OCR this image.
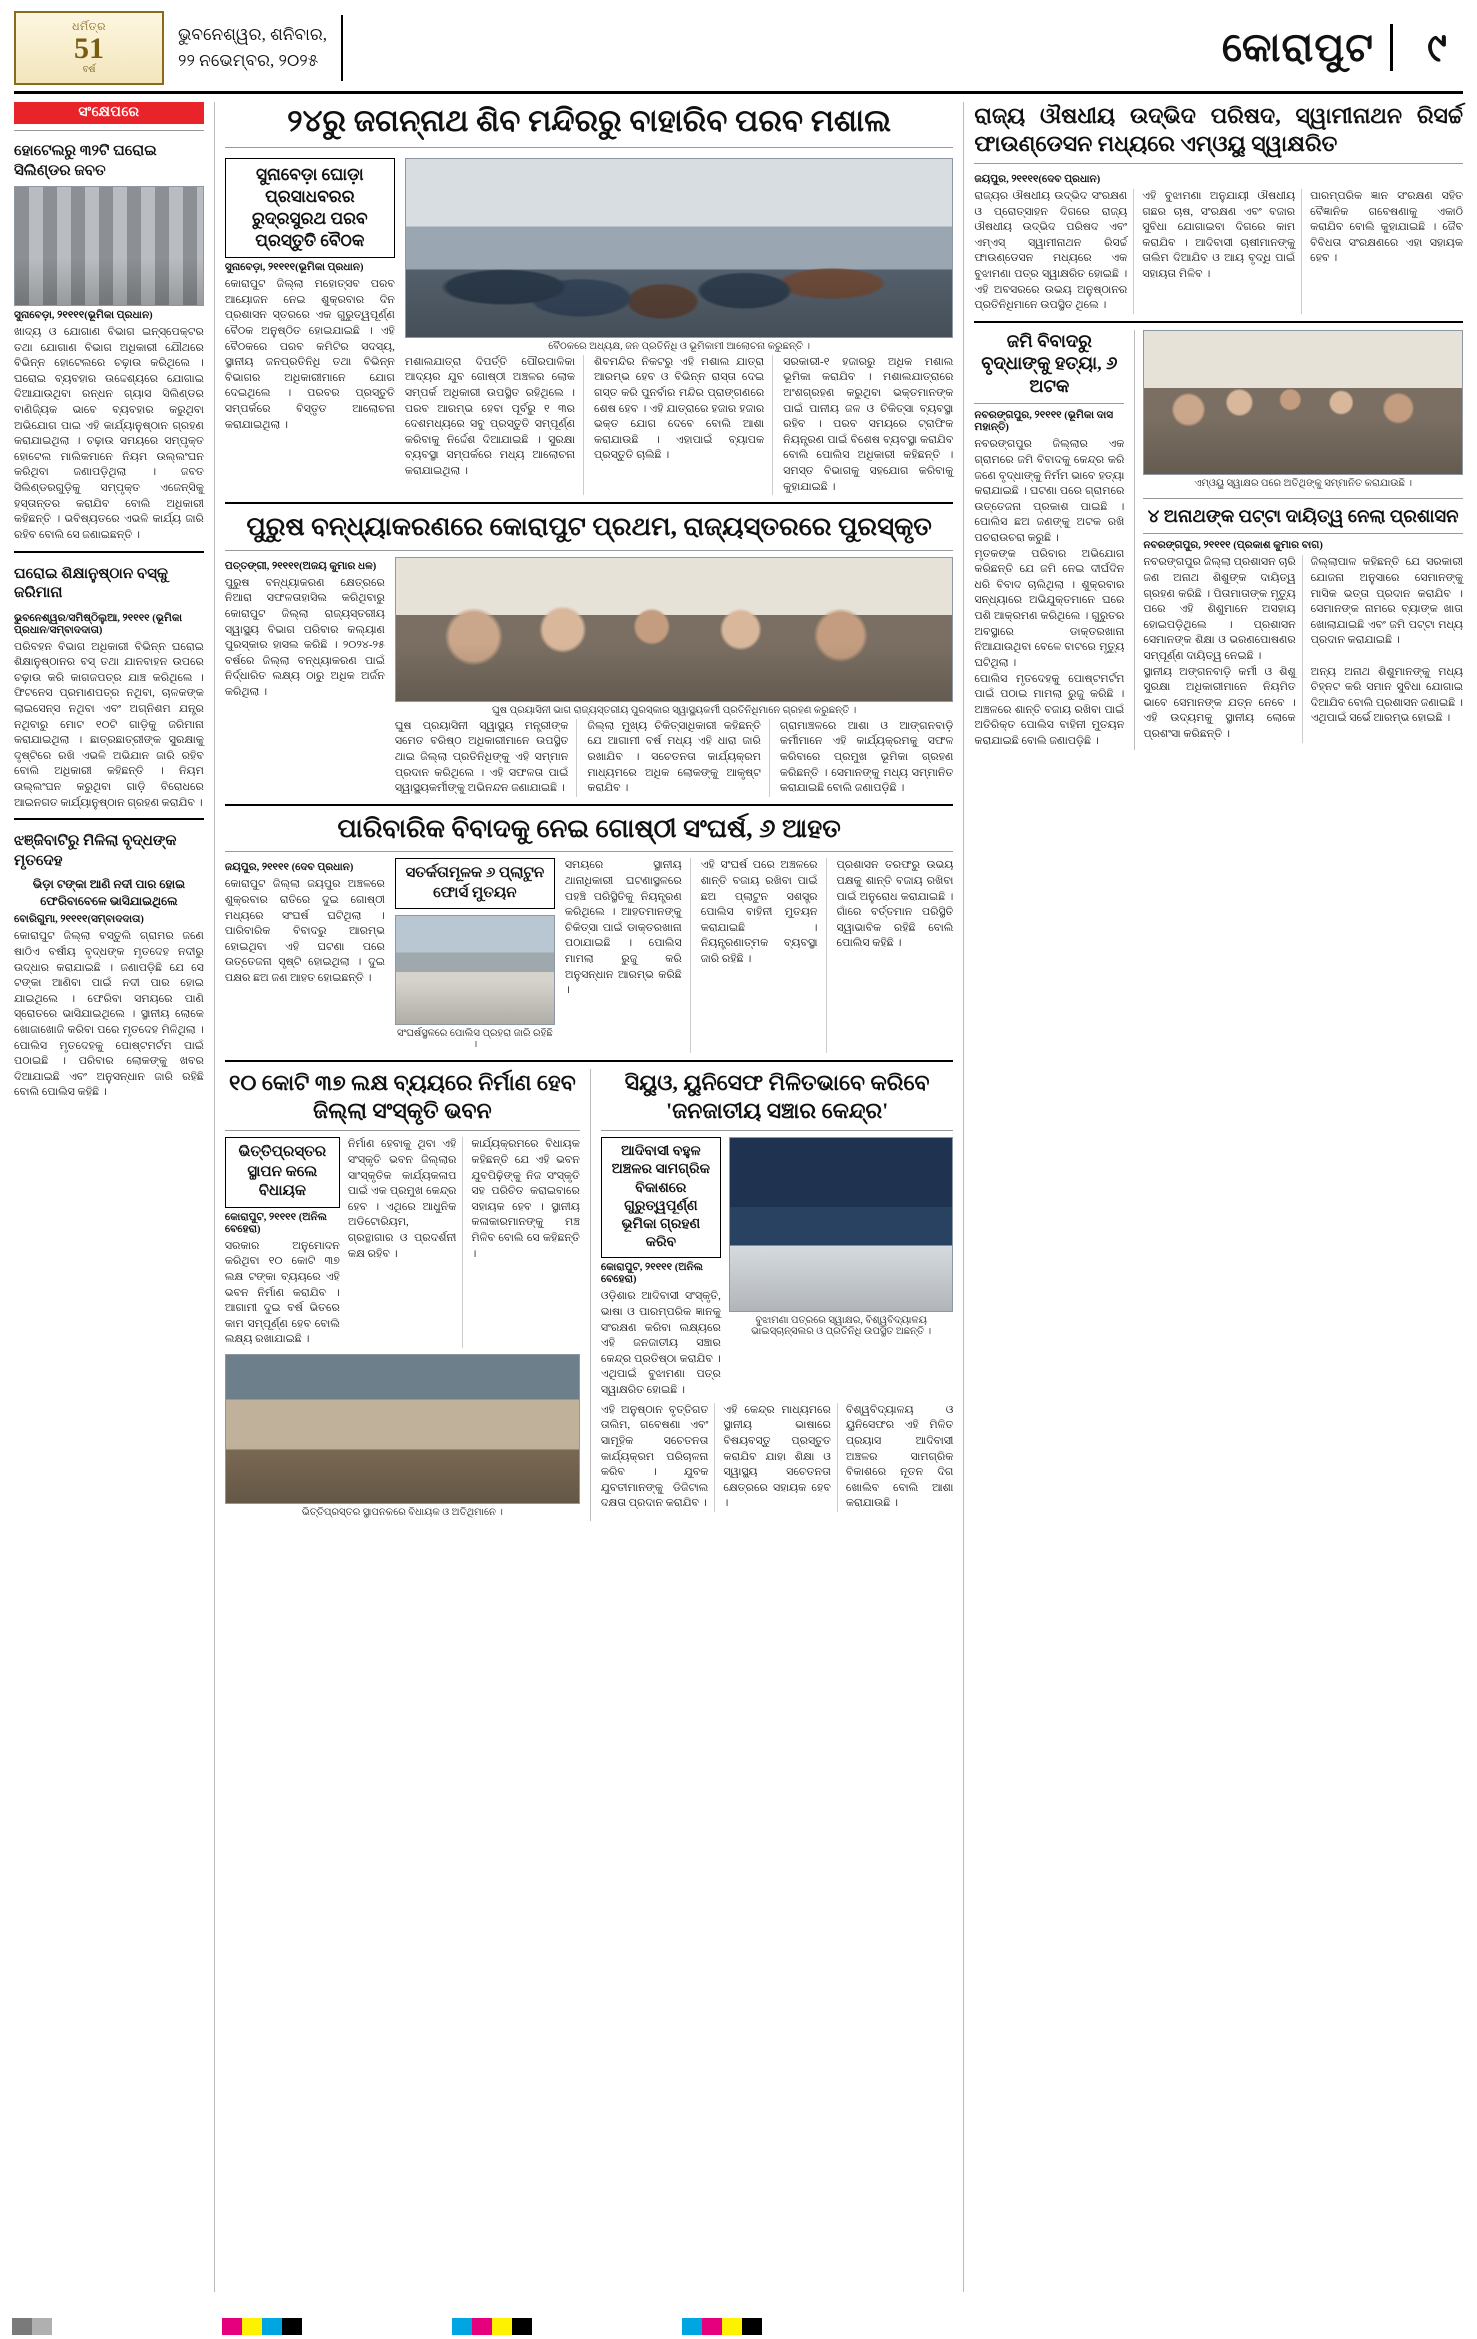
ଧର୍ମିତ୍ର
51
ବର୍ଷ
ଭୁବନେଶ୍ୱର, ଶନିବାର,
୨୨ ନଭେମ୍ବର, ୨୦୨୫	କୋରାପୁଟ	୯
ସଂକ୍ଷେପରେ
ହୋଟେଲରୁ ୩୨ଟି ଘରୋଇ ସିଲିଣ୍ଡର ଜବତ
ସୁନାବେଡ଼ା, ୨୧୧୧୧(ଭୂମିକା ପ୍ରଧାନ)
ଖାଦ୍ୟ ଓ ଯୋଗାଣ ବିଭାଗ ଇନ୍‌ସ୍ପେକ୍ଟର ତଥା ଯୋଗାଣ ବିଭାଗ ଅଧିକାରୀ ଯୌଥରେ ବିଭିନ୍ନ ହୋଟେଲରେ ଚଢ଼ାଉ କରିଥିଲେ । ଘରୋଇ ବ୍ୟବହାର ଉଦ୍ଦେଶ୍ୟରେ ଯୋଗାଇ ଦିଆଯାଉଥିବା ରନ୍ଧନ ଗ୍ୟାସ ସିଲିଣ୍ଡର ବାଣିଜ୍ୟିକ ଭାବେ ବ୍ୟବହାର କରୁଥିବା ଅଭିଯୋଗ ପାଇ ଏହି କାର୍ଯ୍ୟାନୁଷ୍ଠାନ ଗ୍ରହଣ କରାଯାଇଥିଲା । ଚଢ଼ାଉ ସମୟରେ ସମ୍ପୃକ୍ତ ହୋଟେଲ ମାଲିକମାନେ ନିୟମ ଉଲ୍ଲଂଘନ କରିଥିବା ଜଣାପଡ଼ିଥିଲା । ଜବତ ସିଲିଣ୍ଡରଗୁଡ଼ିକୁ ସମ୍ପୃକ୍ତ ଏଜେନ୍ସିକୁ ହସ୍ତାନ୍ତର କରାଯିବ ବୋଲି ଅଧିକାରୀ କହିଛନ୍ତି । ଭବିଷ୍ୟତରେ ଏଭଳି କାର୍ଯ୍ୟ ଜାରି ରହିବ ବୋଲି ସେ ଜଣାଇଛନ୍ତି ।
ଘରୋଇ ଶିକ୍ଷାନୁଷ୍ଠାନ ବସ୍‌କୁ ଜରିମାନା
ଭୁବନେଶ୍ୱର/ସମିଷ୍ଠିଲୁଆ, ୨୧୧୧୧ (ଭୂମିକା ପ୍ରଧାନ/ସମ୍ବାଦଦାତା)
ପରିବହନ ବିଭାଗ ଅଧିକାରୀ ବିଭିନ୍ନ ଘରୋଇ ଶିକ୍ଷାନୁଷ୍ଠାନର ବସ୍ ତଥା ଯାନବାହନ ଉପରେ ଚଢ଼ାଉ କରି କାଗଜପତ୍ର ଯାଞ୍ଚ କରିଥିଲେ । ଫିଟନେସ ପ୍ରମାଣପତ୍ର ନଥିବା, ଚାଳକଙ୍କ ଲାଇସେନ୍ସ ନଥିବା ଏବଂ ଅଗ୍ନିଶମ ଯନ୍ତ୍ର ନଥିବାରୁ ମୋଟ ୧୦ଟି ଗାଡ଼ିକୁ ଜରିମାନା କରାଯାଇଥିଲା । ଛାତ୍ରଛାତ୍ରୀଙ୍କ ସୁରକ୍ଷାକୁ ଦୃଷ୍ଟିରେ ରଖି ଏଭଳି ଅଭିଯାନ ଜାରି ରହିବ ବୋଲି ଅଧିକାରୀ କହିଛନ୍ତି । ନିୟମ ଉଲ୍ଲଂଘନ କରୁଥିବା ଗାଡ଼ି ବିରୋଧରେ ଆଇନଗତ କାର୍ଯ୍ୟାନୁଷ୍ଠାନ ଗ୍ରହଣ କରାଯିବ ।
ଝଞ୍ଜିବାଟିରୁ ମିଳିଲା ବୃଦ୍ଧଙ୍କ ମୃତଦେହ
ଭିଡ଼ା ଟଙ୍କା ଆଣି ନଦୀ ପାର ହୋଇ ଫେରିବାବେଳେ ଭାସିଯାଇଥିଲେ
ବୋରିଗୁମା, ୨୧୧୧୧(ସମ୍ବାଦଦାତା)
କୋରାପୁଟ ଜିଲ୍ଲା ବସ୍ତୁଲି ଗ୍ରାମର ଜଣେ ଷାଠିଏ ବର୍ଷୀୟ ବୃଦ୍ଧଙ୍କ ମୃତଦେହ ନଦୀରୁ ଉଦ୍ଧାର କରାଯାଇଛି । ଜଣାପଡ଼ିଛି ଯେ ସେ ଟଙ୍କା ଆଣିବା ପାଇଁ ନଦୀ ପାର ହୋଇ ଯାଇଥିଲେ । ଫେରିବା ସମୟରେ ପାଣି ସ୍ରୋତରେ ଭାସିଯାଇଥିଲେ । ସ୍ଥାନୀୟ ଲୋକେ ଖୋଜାଖୋଜି କରିବା ପରେ ମୃତଦେହ ମିଳିଥିଲା । ପୋଲିସ ମୃତଦେହକୁ ପୋଷ୍ଟମର୍ଟମ ପାଇଁ ପଠାଇଛି । ପରିବାର ଲୋକଙ୍କୁ ଖବର ଦିଆଯାଇଛି ଏବଂ ଅନୁସନ୍ଧାନ ଜାରି ରହିଛି ବୋଲି ପୋଲିସ କହିଛି ।
୨୪ରୁ ଜଗନ୍ନାଥ ଶିବ ମନ୍ଦିରରୁ ବାହାରିବ ପରବ ମଶାଲ
ସୁନାବେଡ଼ା ଘୋଡ଼ା ପ୍ରସାଧବରର ରୁଦ୍ରସୁରଥ ପରବ ପ୍ରସ୍ତୁତି ବୈଠକ
ସୁନାବେଡ଼ା, ୨୧୧୧୧(ଭୂମିକା ପ୍ରଧାନ)
କୋରାପୁଟ ଜିଲ୍ଲା ମହୋତ୍ସବ ପରବ ଆୟୋଜନ ନେଇ ଶୁକ୍ରବାର ଦିନ ପ୍ରଶାସନ ସ୍ତରରେ ଏକ ଗୁରୁତ୍ୱପୂର୍ଣ୍ଣ ବୈଠକ ଅନୁଷ୍ଠିତ ହୋଇଯାଇଛି । ଏହି ବୈଠକରେ ପରବ କମିଟିର ସଦସ୍ୟ, ସ୍ଥାନୀୟ ଜନପ୍ରତିନିଧି ତଥା ବିଭିନ୍ନ ବିଭାଗର ଅଧିକାରୀମାନେ ଯୋଗ ଦେଇଥିଲେ । ପରବର ପ୍ରସ୍ତୁତି ସମ୍ପର୍କରେ ବିସ୍ତୃତ ଆଲୋଚନା କରାଯାଇଥିଲା ।
ବୈଠକରେ ଅଧ୍ୟକ୍ଷ, ଜନ ପ୍ରତିନିଧି ଓ ଭୂମିକାମୀ ଆଲୋଚନା କରୁଛନ୍ତି ।
ମଶାଲଯାତ୍ରା ଦିପର୍ତ୍ତି ପୌରପାଳିକା ଆଦ୍ୟର ଯୁବ ଗୋଷ୍ଠୀ ଅଞ୍ଚଳର ଲୋକ ସମ୍ପର୍କ ଅଧିକାରୀ ଉପସ୍ଥିତ ରହିଥିଲେ । ପରବ ଆରମ୍ଭ ହେବା ପୂର୍ବରୁ ୧ ୩ର ଦେଶମଧ୍ୟରେ ସବୁ ପ୍ରସ୍ତୁତି ସମ୍ପୂର୍ଣ୍ଣ କରିବାକୁ ନିର୍ଦ୍ଦେଶ ଦିଆଯାଇଛି । ସୁରକ୍ଷା ବ୍ୟବସ୍ଥା ସମ୍ପର୍କରେ ମଧ୍ୟ ଆଲୋଚନା କରାଯାଇଥିଲା ।
ଶିବମନ୍ଦିର ନିକଟରୁ ଏହି ମଶାଲ ଯାତ୍ରା ଆରମ୍ଭ ହେବ ଓ ବିଭିନ୍ନ ରାସ୍ତା ଦେଇ ଗସ୍ତ କରି ପୁନର୍ବାର ମନ୍ଦିର ପ୍ରାଙ୍ଗଣରେ ଶେଷ ହେବ । ଏହି ଯାତ୍ରାରେ ହଜାର ହଜାର ଭକ୍ତ ଯୋଗ ଦେବେ ବୋଲି ଆଶା କରାଯାଉଛି । ଏହାପାଇଁ ବ୍ୟାପକ ପ୍ରସ୍ତୁତି ଚାଲିଛି ।
ସରକାରୀ-୧ ହଜାରରୁ ଅଧିକ ମଶାଲ ଭୂମିକା କରାଯିବ । ମଶାଲଯାତ୍ରାରେ ଅଂଶଗ୍ରହଣ କରୁଥିବା ଭକ୍ତମାନଙ୍କ ପାଇଁ ପାନୀୟ ଜଳ ଓ ଚିକିତ୍ସା ବ୍ୟବସ୍ଥା ରହିବ । ପରବ ସମୟରେ ଟ୍ରାଫିକ ନିୟନ୍ତ୍ରଣ ପାଇଁ ବିଶେଷ ବ୍ୟବସ୍ଥା କରାଯିବ ବୋଲି ପୋଲିସ ଅଧିକାରୀ କହିଛନ୍ତି । ସମସ୍ତ ବିଭାଗକୁ ସହଯୋଗ କରିବାକୁ କୁହାଯାଇଛି ।
ପୁରୁଷ ବନ୍ଧ୍ୟାକରଣରେ କୋରାପୁଟ ପ୍ରଥମ, ରାଜ୍ୟସ୍ତରରେ ପୁରସ୍କୃତ
ପତ୍ତଙ୍ଗୀ, ୨୧୧୧୧(ଅଜୟ କୁମାର ଧଳ)
ପୁରୁଷ ବନ୍ଧ୍ୟାକରଣ କ୍ଷେତ୍ରରେ ନିଆରା ସଫଳତାହାସିଲ କରିଥିବାରୁ କୋରାପୁଟ ଜିଲ୍ଲା ରାଜ୍ୟସ୍ତରୀୟ ସ୍ୱାସ୍ଥ୍ୟ ବିଭାଗ ପରିବାର କଲ୍ୟାଣ ପୁରସ୍କାର ହାସଲ କରିଛି । ୨୦୨୪-୨୫ ବର୍ଷରେ ଜିଲ୍ଲା ବନ୍ଧ୍ୟାକରଣ ପାଇଁ ନିର୍ଦ୍ଧାରିତ ଲକ୍ଷ୍ୟ ଠାରୁ ଅଧିକ ଅର୍ଜନ କରିଥିଲା ।
ଘୁଷ ପ୍ରୟାସିନୀ ଭାଗ ରାଜ୍ୟସ୍ତରୀୟ ପୁରସ୍କାର ସ୍ୱାସ୍ଥ୍ୟକର୍ମୀ ପ୍ରତିନିଧିମାନେ ଗ୍ରହଣ କରୁଛନ୍ତି ।
ଘୁଷ ପ୍ରୟାସିନୀ ସ୍ୱାସ୍ଥ୍ୟ ମନ୍ତ୍ରୀଙ୍କ ସମେତ ବରିଷ୍ଠ ଅଧିକାରୀମାନେ ଉପସ୍ଥିତ ଥାଇ ଜିଲ୍ଲା ପ୍ରତିନିଧିଙ୍କୁ ଏହି ସମ୍ମାନ ପ୍ରଦାନ କରିଥିଲେ । ଏହି ସଫଳତା ପାଇଁ ସ୍ୱାସ୍ଥ୍ୟକର୍ମୀଙ୍କୁ ଅଭିନନ୍ଦନ ଜଣାଯାଇଛି ।
ଜିଲ୍ଲା ମୁଖ୍ୟ ଚିକିତ୍ସାଧିକାରୀ କହିଛନ୍ତି ଯେ ଆଗାମୀ ବର୍ଷ ମଧ୍ୟ ଏହି ଧାରା ଜାରି ରଖାଯିବ । ସଚେତନତା କାର୍ଯ୍ୟକ୍ରମ ମାଧ୍ୟମରେ ଅଧିକ ଲୋକଙ୍କୁ ଆକୃଷ୍ଟ କରାଯିବ ।
ଗ୍ରାମାଞ୍ଚଳରେ ଆଶା ଓ ଆଙ୍ଗନବାଡ଼ି କର୍ମୀମାନେ ଏହି କାର୍ଯ୍ୟକ୍ରମକୁ ସଫଳ କରିବାରେ ପ୍ରମୁଖ ଭୂମିକା ଗ୍ରହଣ କରିଛନ୍ତି । ସେମାନଙ୍କୁ ମଧ୍ୟ ସମ୍ମାନିତ କରାଯାଇଛି ବୋଲି ଜଣାପଡ଼ିଛି ।
ପାରିବାରିକ ବିବାଦକୁ ନେଇ ଗୋଷ୍ଠୀ ସଂଘର୍ଷ, ୬ ଆହତ
ଜୟପୁର, ୨୧୧୧୧ (ଦେବ ପ୍ରଧାନ)
କୋରାପୁଟ ଜିଲ୍ଲା ଜୟପୁର ଅଞ୍ଚଳରେ ଶୁକ୍ରବାର ରାତିରେ ଦୁଇ ଗୋଷ୍ଠୀ ମଧ୍ୟରେ ସଂଘର୍ଷ ଘଟିଥିଲା । ପାରିବାରିକ ବିବାଦରୁ ଆରମ୍ଭ ହୋଇଥିବା ଏହି ଘଟଣା ପରେ ଉତ୍ତେଜନା ସୃଷ୍ଟି ହୋଇଥିଲା । ଦୁଇ ପକ୍ଷର ଛଅ ଜଣ ଆହତ ହୋଇଛନ୍ତି ।
ସତର୍କତାମୂଳକ ୬ ପ୍ଲାଟୁନ ଫୋର୍ସ ମୁତୟନ
ସଂଘର୍ଷସ୍ଥଳରେ ପୋଲିସ ପ୍ରହରା ଜାରି ରହିଛି ।
ସମୟରେ ସ୍ଥାନୀୟ ଥାନାଧିକାରୀ ଘଟଣାସ୍ଥଳରେ ପହଞ୍ଚି ପରିସ୍ଥିତିକୁ ନିୟନ୍ତ୍ରଣ କରିଥିଲେ । ଆହତମାନଙ୍କୁ ଚିକିତ୍ସା ପାଇଁ ଡାକ୍ତରଖାନା ପଠାଯାଇଛି । ପୋଲିସ ମାମଲା ରୁଜୁ କରି ଅନୁସନ୍ଧାନ ଆରମ୍ଭ କରିଛି ।
ଏହି ସଂଘର୍ଷ ପରେ ଅଞ୍ଚଳରେ ଶାନ୍ତି ବଜାୟ ରଖିବା ପାଇଁ ଛଅ ପ୍ଲାଟୁନ ସଶସ୍ତ୍ର ପୋଲିସ ବାହିନୀ ମୁତୟନ କରାଯାଇଛି । ନିୟନ୍ତ୍ରଣାତ୍ମକ ବ୍ୟବସ୍ଥା ଜାରି ରହିଛି ।
ପ୍ରଶାସନ ତରଫରୁ ଉଭୟ ପକ୍ଷକୁ ଶାନ୍ତି ବଜାୟ ରଖିବା ପାଇଁ ଅନୁରୋଧ କରାଯାଇଛି । ଗାଁରେ ବର୍ତ୍ତମାନ ପରିସ୍ଥିତି ସ୍ୱାଭାବିକ ରହିଛି ବୋଲି ପୋଲିସ କହିଛି ।
୧୦ କୋଟି ୩୭ ଲକ୍ଷ ବ୍ୟୟରେ ନିର୍ମାଣ ହେବ ଜିଲ୍ଲା ସଂସ୍କୃତି ଭବନ
ଭିତ୍ତିପ୍ରସ୍ତର ସ୍ଥାପନ କଲେ ବିଧାୟକ
କୋରାପୁଟ, ୨୧୧୧୧ (ଅନିଲ ବେହେରା)
ସରକାର ଅନୁମୋଦନ କରିଥିବା ୧୦ କୋଟି ୩୭ ଲକ୍ଷ ଟଙ୍କା ବ୍ୟୟରେ ଏହି ଭବନ ନିର୍ମାଣ କରାଯିବ । ଆଗାମୀ ଦୁଇ ବର୍ଷ ଭିତରେ କାମ ସମ୍ପୂର୍ଣ୍ଣ ହେବ ବୋଲି ଲକ୍ଷ୍ୟ ରଖାଯାଇଛି ।
ନିର୍ମାଣ ହେବାକୁ ଥିବା ଏହି ସଂସ୍କୃତି ଭବନ ଜିଲ୍ଲାର ସାଂସ୍କୃତିକ କାର୍ଯ୍ୟକଳାପ ପାଇଁ ଏକ ପ୍ରମୁଖ କେନ୍ଦ୍ର ହେବ । ଏଥିରେ ଆଧୁନିକ ଅଡିଟୋରିୟମ, ଗ୍ରନ୍ଥାଗାର ଓ ପ୍ରଦର୍ଶନୀ କକ୍ଷ ରହିବ ।
କାର୍ଯ୍ୟକ୍ରମରେ ବିଧାୟକ କହିଛନ୍ତି ଯେ ଏହି ଭବନ ଯୁବପିଢ଼ିଙ୍କୁ ନିଜ ସଂସ୍କୃତି ସହ ପରିଚିତ କରାଇବାରେ ସହାୟକ ହେବ । ସ୍ଥାନୀୟ କଳାକାରମାନଙ୍କୁ ମଞ୍ଚ ମିଳିବ ବୋଲି ସେ କହିଛନ୍ତି ।
ଭିତ୍ତିପ୍ରସ୍ତର ସ୍ଥାପନକରେ ବିଧାୟକ ଓ ଅତିଥିମାନେ ।
ସିୟୁଓ, ୟୁନିସେଫ ମିଳିତଭାବେ କରିବେ 'ଜନଜାତୀୟ ସଞ୍ଚାର କେନ୍ଦ୍ର'
ଆଦିବାସୀ ବହୁଳ ଅଞ୍ଚଳର ସାମଗ୍ରିକ ବିକାଶରେ ଗୁରୁତ୍ୱପୂର୍ଣ୍ଣ ଭୂମିକା ଗ୍ରହଣ କରିବ
କୋରାପୁଟ, ୨୧୧୧୧ (ଅନିଲ ବେହେରା)
ଓଡ଼ିଶାର ଆଦିବାସୀ ସଂସ୍କୃତି, ଭାଷା ଓ ପାରମ୍ପରିକ ଜ୍ଞାନକୁ ସଂରକ୍ଷଣ କରିବା ଲକ୍ଷ୍ୟରେ ଏହି ଜନଜାତୀୟ ସଞ୍ଚାର କେନ୍ଦ୍ର ପ୍ରତିଷ୍ଠା କରାଯିବ । ଏଥିପାଇଁ ବୁଝାମଣା ପତ୍ର ସ୍ୱାକ୍ଷରିତ ହୋଇଛି ।
ବୁଝାମଣା ପତ୍ରରେ ସ୍ୱାକ୍ଷର, ବିଶ୍ୱବିଦ୍ୟାଳୟ ଭାଇସ୍‌ଚାନ୍ସଲର ଓ ପ୍ରତିନିଧି ଉପସ୍ଥିତ ଅଛନ୍ତି ।
ଏହି ଅନୁଷ୍ଠାନ ବୃତ୍ତିଗତ ତାଲିମ, ଗବେଷଣା ଏବଂ ସାମୂହିକ ସଚେତନତା କାର୍ଯ୍ୟକ୍ରମ ପରିଚାଳନା କରିବ । ଯୁବକ ଯୁବତୀମାନଙ୍କୁ ଡିଜିଟାଲ ଦକ୍ଷତା ପ୍ରଦାନ କରାଯିବ ।
ଏହି କେନ୍ଦ୍ର ମାଧ୍ୟମରେ ସ୍ଥାନୀୟ ଭାଷାରେ ବିଷୟବସ୍ତୁ ପ୍ରସ୍ତୁତ କରାଯିବ ଯାହା ଶିକ୍ଷା ଓ ସ୍ୱାସ୍ଥ୍ୟ ସଚେତନତା କ୍ଷେତ୍ରରେ ସହାୟକ ହେବ ।
ବିଶ୍ୱବିଦ୍ୟାଳୟ ଓ ୟୁନିସେଫର ଏହି ମିଳିତ ପ୍ରୟାସ ଆଦିବାସୀ ଅଞ୍ଚଳର ସାମଗ୍ରିକ ବିକାଶରେ ନୂତନ ଦିଗ ଖୋଲିବ ବୋଲି ଆଶା କରାଯାଉଛି ।
ରାଜ୍ୟ ଔଷଧୀୟ ଉଦ୍ଭିଦ ପରିଷଦ, ସ୍ୱାମୀନାଥନ ରିସର୍ଚ୍ଚ ଫାଉଣ୍ଡେସନ ମଧ୍ୟରେ ଏମ୍‌ଓୟୁ ସ୍ୱାକ୍ଷରିତ
ଜୟପୁର, ୨୧୧୧୧(ଦେବ ପ୍ରଧାନ)
ରାଜ୍ୟର ଔଷଧୀୟ ଉଦ୍ଭିଦ ସଂରକ୍ଷଣ ଓ ପ୍ରୋତ୍ସାହନ ଦିଗରେ ରାଜ୍ୟ ଔଷଧୀୟ ଉଦ୍ଭିଦ ପରିଷଦ ଏବଂ ଏମ୍‌ଏସ୍‌ ସ୍ୱାମୀନାଥନ ରିସର୍ଚ୍ଚ ଫାଉଣ୍ଡେସନ ମଧ୍ୟରେ ଏକ ବୁଝାମଣା ପତ୍ର ସ୍ୱାକ୍ଷରିତ ହୋଇଛି । ଏହି ଅବସରରେ ଉଭୟ ଅନୁଷ୍ଠାନର ପ୍ରତିନିଧିମାନେ ଉପସ୍ଥିତ ଥିଲେ ।
ଏହି ବୁଝାମଣା ଅନୁଯାୟୀ ଔଷଧୀୟ ଗଛର ଚାଷ, ସଂରକ୍ଷଣ ଏବଂ ବଜାର ସୁବିଧା ଯୋଗାଇବା ଦିଗରେ କାମ କରାଯିବ । ଆଦିବାସୀ ଚାଷୀମାନଙ୍କୁ ତାଲିମ ଦିଆଯିବ ଓ ଆୟ ବୃଦ୍ଧି ପାଇଁ ସହାୟତା ମିଳିବ ।
ପାରମ୍ପରିକ ଜ୍ଞାନ ସଂରକ୍ଷଣ ସହିତ ବୈଜ୍ଞାନିକ ଗବେଷଣାକୁ ଏକାଠି କରାଯିବ ବୋଲି କୁହାଯାଇଛି । ଜୈବ ବିବିଧତା ସଂରକ୍ଷଣରେ ଏହା ସହାୟକ ହେବ ।
ଜମି ବିବାଦରୁ ବୃଦ୍ଧାଙ୍କୁ ହତ୍ୟା, ୬ ଅଟକ
ନବରଙ୍ଗପୁର, ୨୧୧୧୧ (ଭୂମିକା ଦାସ ମହାନ୍ତି)
ନବରଙ୍ଗପୁର ଜିଲ୍ଲାର ଏକ ଗ୍ରାମରେ ଜମି ବିବାଦକୁ କେନ୍ଦ୍ର କରି ଜଣେ ବୃଦ୍ଧାଙ୍କୁ ନିର୍ମମ ଭାବେ ହତ୍ୟା କରାଯାଇଛି । ଘଟଣା ପରେ ଗ୍ରାମରେ ଉତ୍ତେଜନା ପ୍ରକାଶ ପାଇଛି । ପୋଲିସ ଛଅ ଜଣଙ୍କୁ ଅଟକ ରଖି ପଚରାଉଚରା କରୁଛି ।
ମୃତକଙ୍କ ପରିବାର ଅଭିଯୋଗ କରିଛନ୍ତି ଯେ ଜମି ନେଇ ଦୀର୍ଘଦିନ ଧରି ବିବାଦ ଚାଲିଥିଲା । ଶୁକ୍ରବାର ସନ୍ଧ୍ୟାରେ ଅଭିଯୁକ୍ତମାନେ ଘରେ ପଶି ଆକ୍ରମଣ କରିଥିଲେ । ଗୁରୁତର ଅବସ୍ଥାରେ ଡାକ୍ତରଖାନା ନିଆଯାଉଥିବା ବେଳେ ବାଟରେ ମୃତ୍ୟୁ ଘଟିଥିଲା ।
ପୋଲିସ ମୃତଦେହକୁ ପୋଷ୍ଟମର୍ଟମ ପାଇଁ ପଠାଇ ମାମଲା ରୁଜୁ କରିଛି । ଅଞ୍ଚଳରେ ଶାନ୍ତି ବଜାୟ ରଖିବା ପାଇଁ ଅତିରିକ୍ତ ପୋଲିସ ବାହିନୀ ମୁତୟନ କରାଯାଇଛି ବୋଲି ଜଣାପଡ଼ିଛି ।
ଏମ୍‌ଓୟୁ ସ୍ୱାକ୍ଷର ପରେ ଅତିଥିଙ୍କୁ ସମ୍ମାନିତ କରାଯାଉଛି ।
୪ ଅନାଥଙ୍କ ପଟ୍ଟା ଦାୟିତ୍ୱ ନେଲା ପ୍ରଶାସନ
ନବରଙ୍ଗପୁର, ୨୧୧୧୧ (ପ୍ରକାଶ କୁମାର ବାଗ)
ନବରଙ୍ଗପୁର ଜିଲ୍ଲା ପ୍ରଶାସନ ଚାରି ଜଣ ଅନାଥ ଶିଶୁଙ୍କ ଦାୟିତ୍ୱ ଗ୍ରହଣ କରିଛି । ପିତାମାତାଙ୍କ ମୃତ୍ୟୁ ପରେ ଏହି ଶିଶୁମାନେ ଅସହାୟ ହୋଇପଡ଼ିଥିଲେ । ପ୍ରଶାସନ ସେମାନଙ୍କ ଶିକ୍ଷା ଓ ଭରଣପୋଷଣର ସମ୍ପୂର୍ଣ୍ଣ ଦାୟିତ୍ୱ ନେଇଛି ।
ଜିଲ୍ଲାପାଳ କହିଛନ୍ତି ଯେ ସରକାରୀ ଯୋଜନା ଅନୁସାରେ ସେମାନଙ୍କୁ ମାସିକ ଭତ୍ତା ପ୍ରଦାନ କରାଯିବ । ସେମାନଙ୍କ ନାମରେ ବ୍ୟାଙ୍କ ଖାତା ଖୋଲାଯାଇଛି ଏବଂ ଜମି ପଟ୍ଟା ମଧ୍ୟ ପ୍ରଦାନ କରାଯାଇଛି ।
ସ୍ଥାନୀୟ ଅଙ୍ଗନବାଡ଼ି କର୍ମୀ ଓ ଶିଶୁ ସୁରକ୍ଷା ଅଧିକାରୀମାନେ ନିୟମିତ ଭାବେ ସେମାନଙ୍କ ଯତ୍ନ ନେବେ । ଏହି ଉଦ୍ୟମକୁ ସ୍ଥାନୀୟ ଲୋକେ ପ୍ରଶଂସା କରିଛନ୍ତି ।
ଅନ୍ୟ ଅନାଥ ଶିଶୁମାନଙ୍କୁ ମଧ୍ୟ ଚିହ୍ନଟ କରି ସମାନ ସୁବିଧା ଯୋଗାଇ ଦିଆଯିବ ବୋଲି ପ୍ରଶାସନ ଜଣାଇଛି । ଏଥିପାଇଁ ସର୍ଭେ ଆରମ୍ଭ ହୋଇଛି ।
